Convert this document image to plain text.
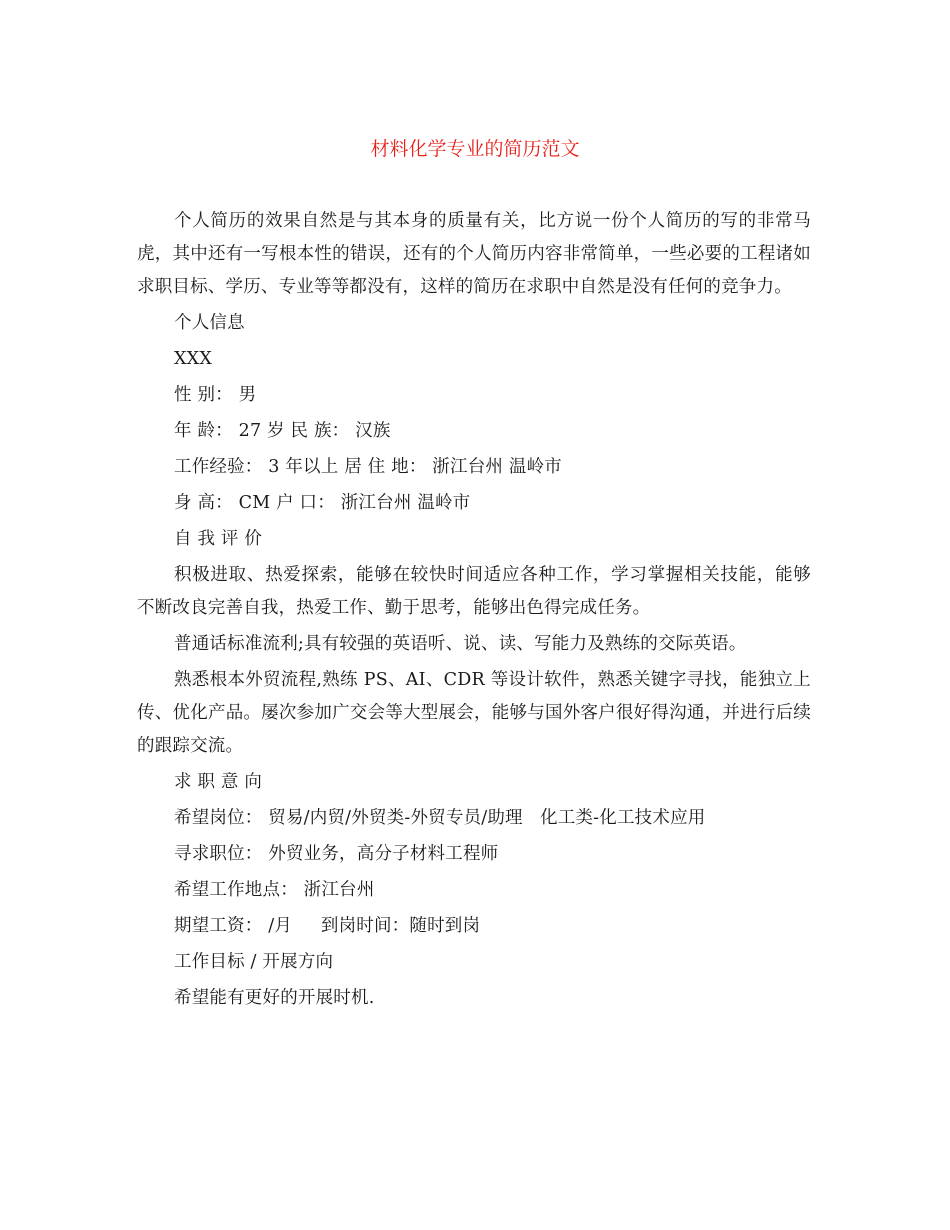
材料化学专业的简历范文

个人简历的效果自然是与其本身的质量有关，比方说一份个人简历的写的非常马虎，其中还有一写根本性的错误，还有的个人简历内容非常简单，一些必要的工程诸如求职目标、学历、专业等等都没有，这样的简历在求职中自然是没有任何的竞争力。

个人信息

XXX

性 别： 男

年 龄： 27 岁 民 族： 汉族

工作经验： 3 年以上 居 住 地： 浙江台州 温岭市

身 高： CM 户 口： 浙江台州 温岭市

自 我 评 价

积极进取、热爱探索，能够在较快时间适应各种工作，学习掌握相关技能，能够不断改良完善自我，热爱工作、勤于思考，能够出色得完成任务。

普通话标准流利;具有较强的英语听、说、读、写能力及熟练的交际英语。

熟悉根本外贸流程,熟练 PS、AI、CDR 等设计软件，熟悉关键字寻找，能独立上传、优化产品。屡次参加广交会等大型展会，能够与国外客户很好得沟通，并进行后续的跟踪交流。

求 职 意 向

希望岗位： 贸易/内贸/外贸类-外贸专员/助理   化工类-化工技术应用

寻求职位： 外贸业务，高分子材料工程师

希望工作地点： 浙江台州

期望工资： /月     到岗时间：随时到岗

工作目标 / 开展方向

希望能有更好的开展时机.
